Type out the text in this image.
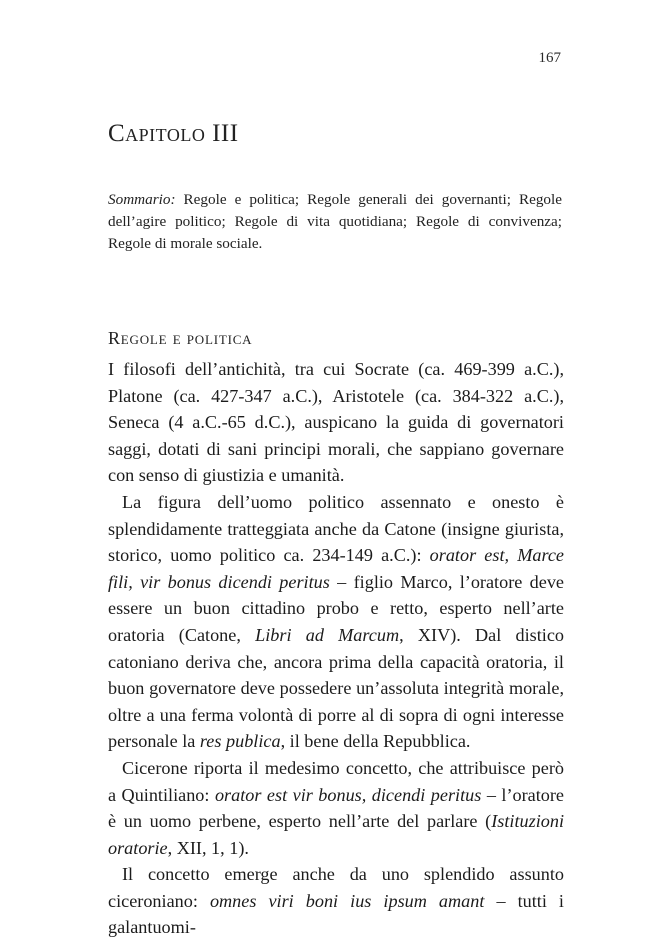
167
Capitolo III

Sommario: Regole e politica; Regole generali dei governanti; Regole dell’agire politico; Regole di vita quotidiana; Regole di convivenza; Regole di morale sociale.

Regole e politica

I filosofi dell’antichità, tra cui Socrate (ca. 469-399 a.C.), Platone (ca. 427-347 a.C.), Aristotele (ca. 384-322 a.C.), Seneca (4 a.C.-65 d.C.), auspicano la guida di governatori saggi, dotati di sani principi morali, che sappiano governare con senso di giustizia e umanità.

La figura dell’uomo politico assennato e onesto è splendidamente tratteggiata anche da Catone (insigne giurista, storico, uomo politico ca. 234-149 a.C.): orator est, Marce fili, vir bonus dicendi peritus – figlio Marco, l’oratore deve essere un buon cittadino probo e retto, esperto nell’arte oratoria (Catone, Libri ad Marcum, XIV). Dal distico catoniano deriva che, ancora prima della capacità oratoria, il buon governatore deve possedere un’assoluta integrità morale, oltre a una ferma volontà di porre al di sopra di ogni interesse personale la res publica, il bene della Repubblica.

Cicerone riporta il medesimo concetto, che attribuisce però a Quintiliano: orator est vir bonus, dicendi peritus – l’oratore è un uomo perbene, esperto nell’arte del parlare (Istituzioni oratorie, XII, 1, 1).

Il concetto emerge anche da uno splendido assunto ciceroniano: omnes viri boni ius ipsum amant – tutti i galantuomi-
